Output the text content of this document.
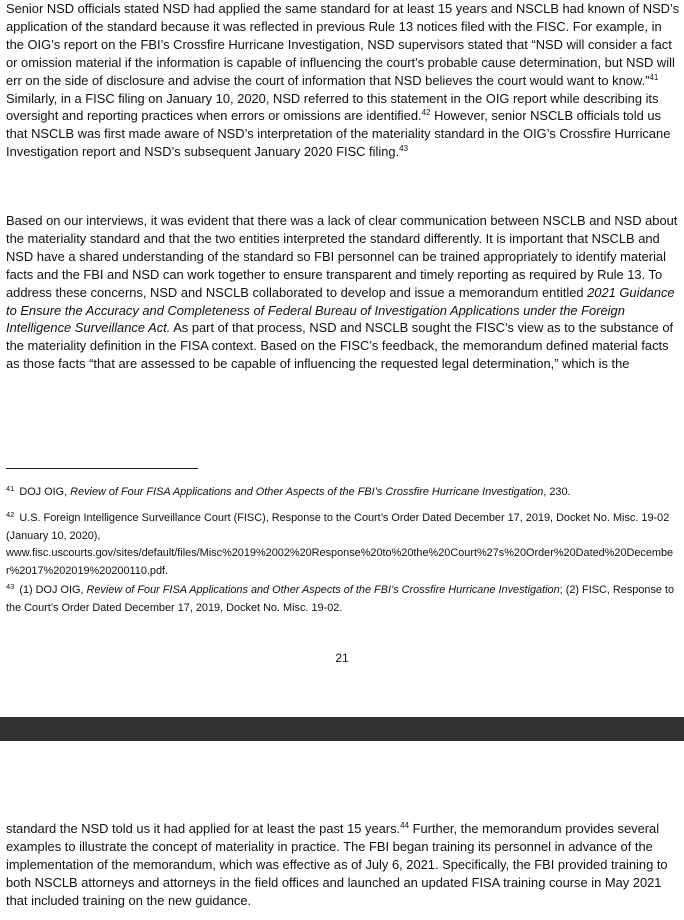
Senior NSD officials stated NSD had applied the same standard for at least 15 years and NSCLB had known of NSD’s application of the standard because it was reflected in previous Rule 13 notices filed with the FISC. For example, in the OIG’s report on the FBI’s Crossfire Hurricane Investigation, NSD supervisors stated that “NSD will consider a fact or omission material if the information is capable of influencing the court's probable cause determination, but NSD will err on the side of disclosure and advise the court of information that NSD believes the court would want to know.”$^{41}$ Similarly, in a FISC filing on January 10, 2020, NSD referred to this statement in the OIG report while describing its oversight and reporting practices when errors or omissions are identified.$^{42}$ However, senior NSCLB officials told us that NSCLB was first made aware of NSD’s interpretation of the materiality standard in the OIG’s Crossfire Hurricane Investigation report and NSD’s subsequent January 2020 FISC filing.$^{43}$

Based on our interviews, it was evident that there was a lack of clear communication between NSCLB and NSD about the materiality standard and that the two entities interpreted the standard differently. It is important that NSCLB and NSD have a shared understanding of the standard so FBI personnel can be trained appropriately to identify material facts and the FBI and NSD can work together to ensure transparent and timely reporting as required by Rule 13. To address these concerns, NSD and NSCLB collaborated to develop and issue a memorandum entitled 2021 Guidance to Ensure the Accuracy and Completeness of Federal Bureau of Investigation Applications under the Foreign Intelligence Surveillance Act. As part of that process, NSD and NSCLB sought the FISC’s view as to the substance of the materiality definition in the FISA context. Based on the FISC’s feedback, the memorandum defined material facts as those facts “that are assessed to be capable of influencing the requested legal determination,” which is the

$^{41}$ DOJ OIG, Review of Four FISA Applications and Other Aspects of the FBI’s Crossfire Hurricane Investigation, 230.

$^{42}$ U.S. Foreign Intelligence Surveillance Court (FISC), Response to the Court’s Order Dated December 17, 2019, Docket No. Misc. 19-02 (January 10, 2020),
www.fisc.uscourts.gov/sites/default/files/Misc%2019%2002%20Response%20to%20the%20Court%27s%20Order%20Dated%20December%2017%202019%20200110.pdf.

$^{43}$ (1) DOJ OIG, Review of Four FISA Applications and Other Aspects of the FBI’s Crossfire Hurricane Investigation; (2) FISC, Response to the Court’s Order Dated December 17, 2019, Docket No. Misc. 19-02.

21

standard the NSD told us it had applied for at least the past 15 years.$^{44}$ Further, the memorandum provides several examples to illustrate the concept of materiality in practice. The FBI began training its personnel in advance of the implementation of the memorandum, which was effective as of July 6, 2021. Specifically, the FBI provided training to both NSCLB attorneys and attorneys in the field offices and launched an updated FISA training course in May 2021 that included training on the new guidance.
